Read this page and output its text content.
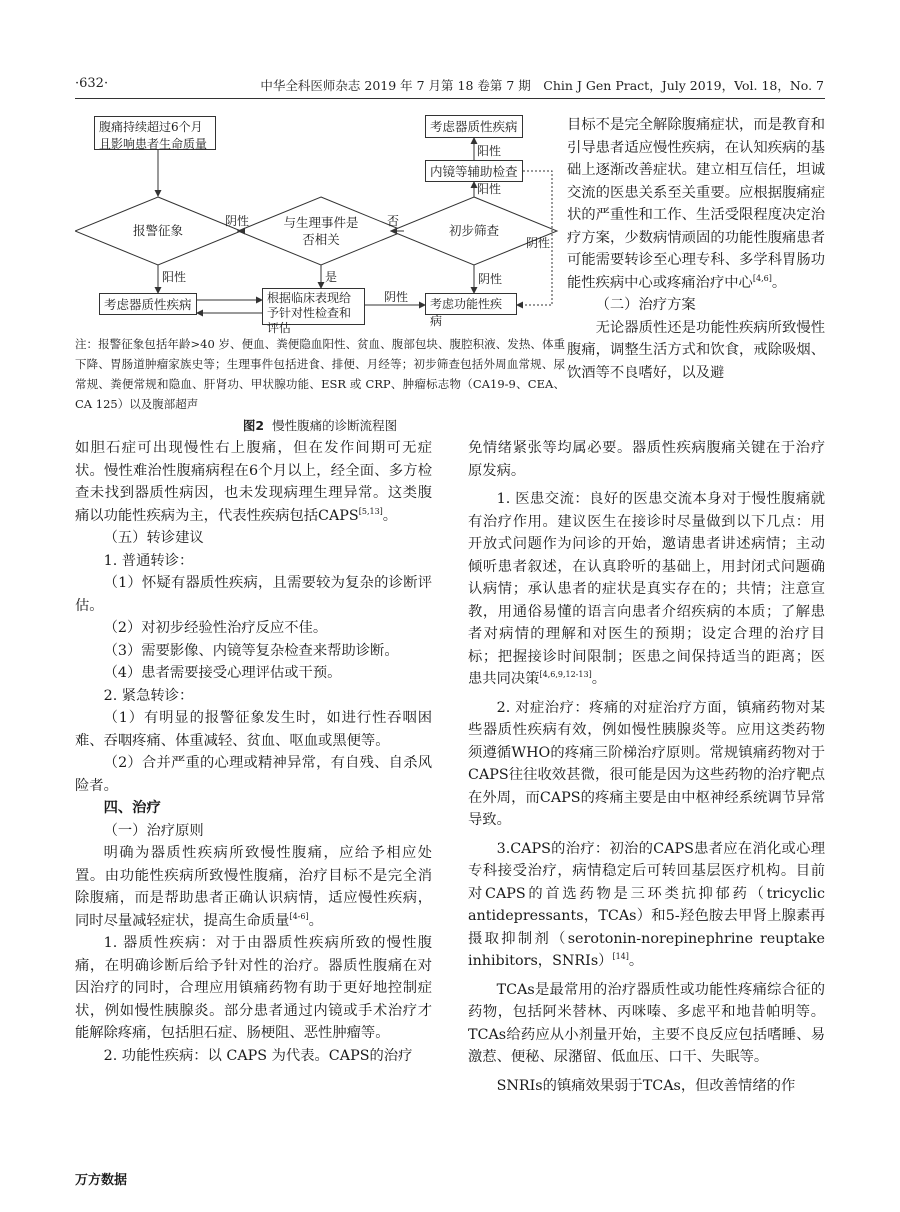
·632·	中华全科医师杂志 2019 年 7 月第 18 卷第 7 期　Chin J Gen Pract，July 2019，Vol. 18，No. 7
腹痛持续超过6个月且影响患者生命质量
报警征象
与生理事件是否相关
初步筛查
考虑器质性疾病
内镜等辅助检查
考虑器质性疾病	根据临床表现给予针对性检查和评估
考虑功能性疾病
阴性	否
阳性
阳性
阳性	是
阴性
阴性
阴性

注：报警征象包括年龄>40 岁、便血、粪便隐血阳性、贫血、腹部包块、腹腔积液、发热、体重下降、胃肠道肿瘤家族史等；生理事件包括进食、排便、月经等；初步筛查包括外周血常规、尿常规、粪便常规和隐血、肝肾功、甲状腺功能、ESR 或 CRP、肿瘤标志物（CA19-9、CEA、CA 125）以及腹部超声

图2 慢性腹痛的诊断流程图

目标不是完全解除腹痛症状，而是教育和引导患者适应慢性疾病，在认知疾病的基础上逐渐改善症状。建立相互信任，坦诚交流的医患关系至关重要。应根据腹痛症状的严重性和工作、生活受限程度决定治疗方案，少数病情顽固的功能性腹痛患者可能需要转诊至心理专科、多学科胃肠功能性疾病中心或疼痛治疗中心[4,6]。

（二）治疗方案

无论器质性还是功能性疾病所致慢性腹痛，调整生活方式和饮食，戒除吸烟、饮酒等不良嗜好，以及避

如胆石症可出现慢性右上腹痛，但在发作间期可无症状。慢性难治性腹痛病程在6个月以上，经全面、多方检查未找到器质性病因，也未发现病理生理异常。这类腹痛以功能性疾病为主，代表性疾病包括CAPS[5,13]。

（五）转诊建议

1. 普通转诊：

（1）怀疑有器质性疾病，且需要较为复杂的诊断评估。

（2）对初步经验性治疗反应不佳。

（3）需要影像、内镜等复杂检查来帮助诊断。

（4）患者需要接受心理评估或干预。

2. 紧急转诊：

（1）有明显的报警征象发生时，如进行性吞咽困难、吞咽疼痛、体重减轻、贫血、呕血或黑便等。

（2）合并严重的心理或精神异常，有自残、自杀风险者。

四、治疗

（一）治疗原则

明确为器质性疾病所致慢性腹痛，应给予相应处置。由功能性疾病所致慢性腹痛，治疗目标不是完全消除腹痛，而是帮助患者正确认识病情，适应慢性疾病，同时尽量减轻症状，提高生命质量[4-6]。

1. 器质性疾病：对于由器质性疾病所致的慢性腹痛，在明确诊断后给予针对性的治疗。器质性腹痛在对因治疗的同时，合理应用镇痛药物有助于更好地控制症状，例如慢性胰腺炎。部分患者通过内镜或手术治疗才能解除疼痛，包括胆石症、肠梗阻、恶性肿瘤等。

2. 功能性疾病：以 CAPS 为代表。CAPS的治疗

免情绪紧张等均属必要。器质性疾病腹痛关键在于治疗原发病。

1. 医患交流：良好的医患交流本身对于慢性腹痛就有治疗作用。建议医生在接诊时尽量做到以下几点：用开放式问题作为问诊的开始，邀请患者讲述病情；主动倾听患者叙述，在认真聆听的基础上，用封闭式问题确认病情；承认患者的症状是真实存在的；共情；注意宣教，用通俗易懂的语言向患者介绍疾病的本质；了解患者对病情的理解和对医生的预期；设定合理的治疗目标；把握接诊时间限制；医患之间保持适当的距离；医患共同决策[4,6,9,12-13]。

2. 对症治疗：疼痛的对症治疗方面，镇痛药物对某些器质性疾病有效，例如慢性胰腺炎等。应用这类药物须遵循WHO的疼痛三阶梯治疗原则。常规镇痛药物对于CAPS往往收效甚微，很可能是因为这些药物的治疗靶点在外周，而CAPS的疼痛主要是由中枢神经系统调节异常导致。

3.CAPS的治疗：初治的CAPS患者应在消化或心理专科接受治疗，病情稳定后可转回基层医疗机构。目前对CAPS的首选药物是三环类抗抑郁药（tricyclic antidepressants，TCAs）和5-羟色胺去甲肾上腺素再摄取抑制剂（serotonin-norepinephrine reuptake inhibitors，SNRIs）[14]。

TCAs是最常用的治疗器质性或功能性疼痛综合征的药物，包括阿米替林、丙咪嗪、多虑平和地昔帕明等。TCAs给药应从小剂量开始，主要不良反应包括嗜睡、易激惹、便秘、尿潴留、低血压、口干、失眠等。

SNRIs的镇痛效果弱于TCAs，但改善情绪的作

万方数据
